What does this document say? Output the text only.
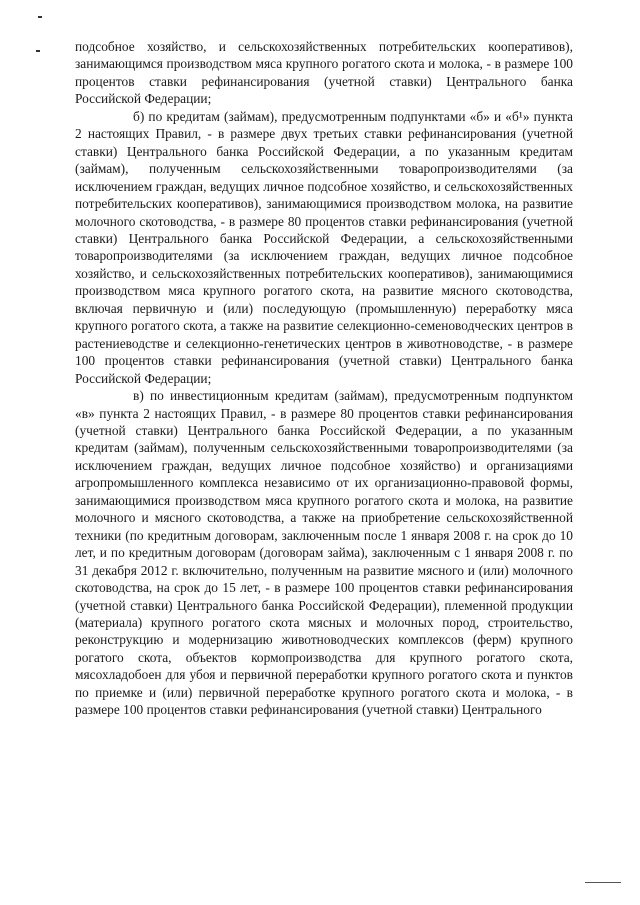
подсобное хозяйство, и сельскохозяйственных потребительских кооперативов), занимающимся производством мяса крупного рогатого скота и молока, - в размере 100 процентов ставки рефинансирования (учетной ставки) Центрального банка Российской Федерации;

б) по кредитам (займам), предусмотренным подпунктами «б» и «б¹» пункта 2 настоящих Правил, - в размере двух третьих ставки рефинансирования (учетной ставки) Центрального банка Российской Федерации, а по указанным кредитам (займам), полученным сельскохозяйственными товаропроизводителями (за исключением граждан, ведущих личное подсобное хозяйство, и сельскохозяйственных потребительских кооперативов), занимающимися производством молока, на развитие молочного скотоводства, - в размере 80 процентов ставки рефинансирования (учетной ставки) Центрального банка Российской Федерации, а сельскохозяйственными товаропроизводителями (за исключением граждан, ведущих личное подсобное хозяйство, и сельскохозяйственных потребительских кооперативов), занимающимися производством мяса крупного рогатого скота, на развитие мясного скотоводства, включая первичную и (или) последующую (промышленную) переработку мяса крупного рогатого скота, а также на развитие селекционно-семеноводческих центров в растениеводстве и селекционно-генетических центров в животноводстве, - в размере 100 процентов ставки рефинансирования (учетной ставки) Центрального банка Российской Федерации;

в) по инвестиционным кредитам (займам), предусмотренным подпунктом «в» пункта 2 настоящих Правил, - в размере 80 процентов ставки рефинансирования (учетной ставки) Центрального банка Российской Федерации, а по указанным кредитам (займам), полученным сельскохозяйственными товаропроизводителями (за исключением граждан, ведущих личное подсобное хозяйство) и организациями агропромышленного комплекса независимо от их организационно-правовой формы, занимающимися производством мяса крупного рогатого скота и молока, на развитие молочного и мясного скотоводства, а также на приобретение сельскохозяйственной техники (по кредитным договорам, заключенным после 1 января 2008 г. на срок до 10 лет, и по кредитным договорам (договорам займа), заключенным с 1 января 2008 г. по 31 декабря 2012 г. включительно, полученным на развитие мясного и (или) молочного скотоводства, на срок до 15 лет, - в размере 100 процентов ставки рефинансирования (учетной ставки) Центрального банка Российской Федерации), племенной продукции (материала) крупного рогатого скота мясных и молочных пород, строительство, реконструкцию и модернизацию животноводческих комплексов (ферм) крупного рогатого скота, объектов кормопроизводства для крупного рогатого скота, мясохладобоен для убоя и первичной переработки крупного рогатого скота и пунктов по приемке и (или) первичной переработке крупного рогатого скота и молока, - в размере 100 процентов ставки рефинансирования (учетной ставки) Центрального
